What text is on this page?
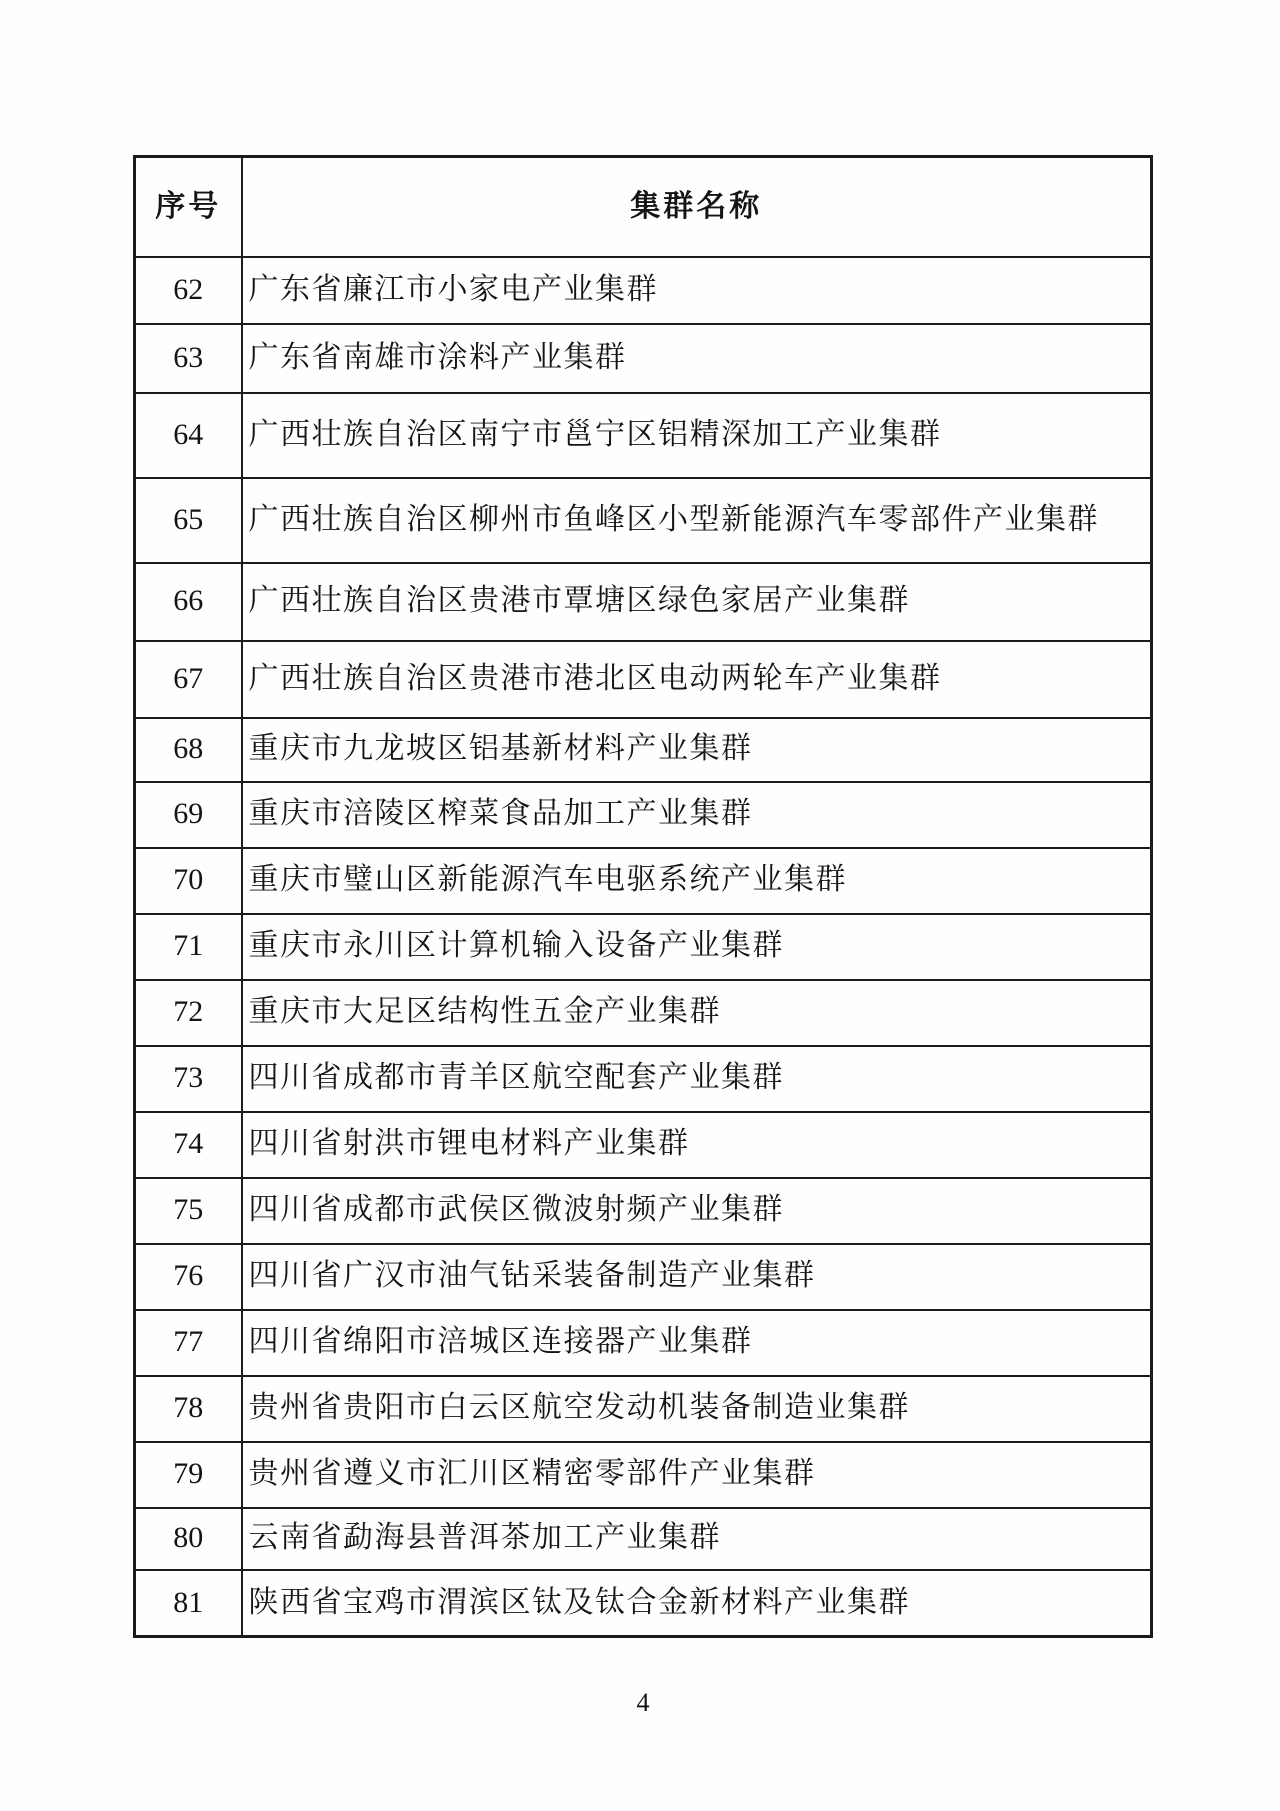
序号	集群名称
62	广东省廉江市小家电产业集群
63	广东省南雄市涂料产业集群
64	广西壮族自治区南宁市邕宁区铝精深加工产业集群
65	广西壮族自治区柳州市鱼峰区小型新能源汽车零部件产业集群
66	广西壮族自治区贵港市覃塘区绿色家居产业集群
67	广西壮族自治区贵港市港北区电动两轮车产业集群
68	重庆市九龙坡区铝基新材料产业集群
69	重庆市涪陵区榨菜食品加工产业集群
70	重庆市璧山区新能源汽车电驱系统产业集群
71	重庆市永川区计算机输入设备产业集群
72	重庆市大足区结构性五金产业集群
73	四川省成都市青羊区航空配套产业集群
74	四川省射洪市锂电材料产业集群
75	四川省成都市武侯区微波射频产业集群
76	四川省广汉市油气钻采装备制造产业集群
77	四川省绵阳市涪城区连接器产业集群
78	贵州省贵阳市白云区航空发动机装备制造业集群
79	贵州省遵义市汇川区精密零部件产业集群
80	云南省勐海县普洱茶加工产业集群
81	陕西省宝鸡市渭滨区钛及钛合金新材料产业集群
4
